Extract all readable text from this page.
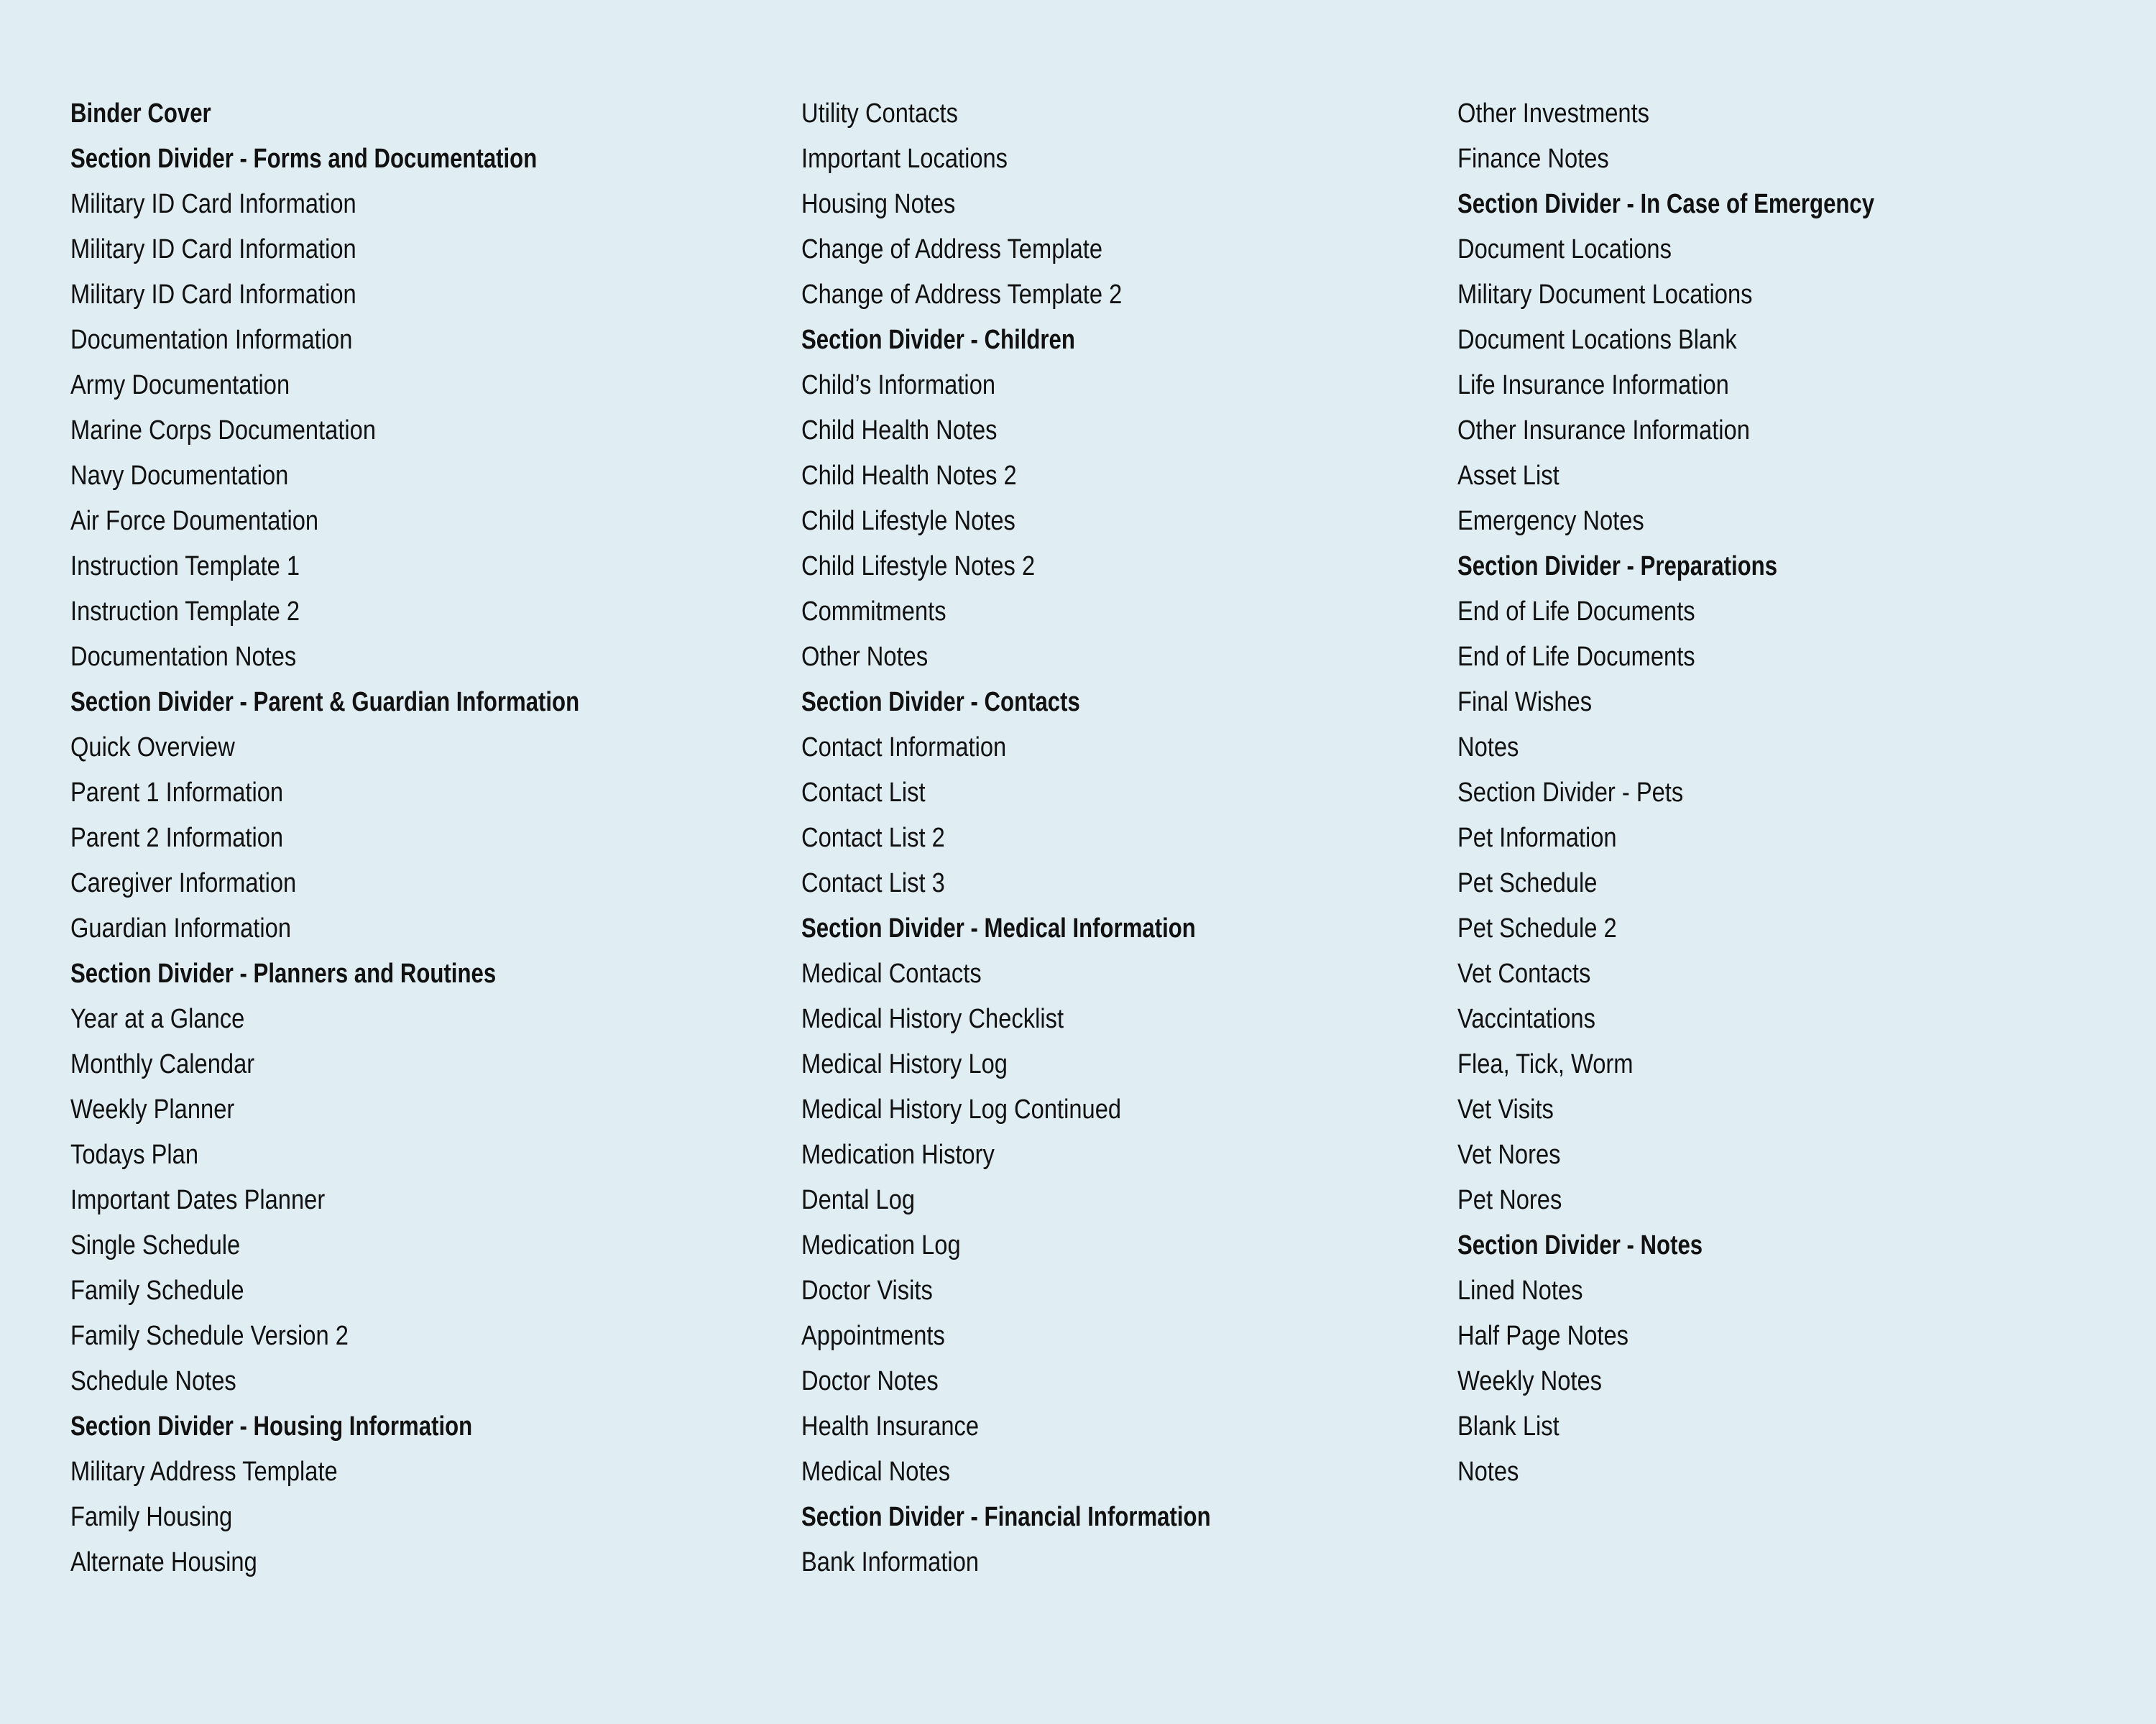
Binder Cover
Section Divider - Forms and Documentation
Military ID Card Information
Military ID Card Information
Military ID Card Information
Documentation Information
Army Documentation
Marine Corps Documentation
Navy Documentation
Air Force Doumentation
Instruction Template 1
Instruction Template 2
Documentation Notes
Section Divider - Parent & Guardian Information
Quick Overview
Parent 1 Information
Parent 2 Information
Caregiver Information
Guardian Information
Section Divider - Planners and Routines
Year at a Glance
Monthly Calendar
Weekly Planner
Todays Plan
Important Dates Planner
Single Schedule
Family Schedule
Family Schedule Version 2
Schedule Notes
Section Divider - Housing Information
Military Address Template
Family Housing
Alternate Housing
Utility Contacts
Important Locations
Housing Notes
Change of Address Template
Change of Address Template 2
Section Divider - Children
Child’s Information
Child Health Notes
Child Health Notes 2
Child Lifestyle Notes
Child Lifestyle Notes 2
Commitments
Other Notes
Section Divider - Contacts
Contact Information
Contact List
Contact List 2
Contact List 3
Section Divider - Medical Information
Medical Contacts
Medical History Checklist
Medical History Log
Medical History Log Continued
Medication History
Dental Log
Medication Log
Doctor Visits
Appointments
Doctor Notes
Health Insurance
Medical Notes
Section Divider - Financial Information
Bank Information
Other Investments
Finance Notes
Section Divider - In Case of Emergency
Document Locations
Military Document Locations
Document Locations Blank
Life Insurance Information
Other Insurance Information
Asset List
Emergency Notes
Section Divider - Preparations
End of Life Documents
End of Life Documents
Final Wishes
Notes
Section Divider - Pets
Pet Information
Pet Schedule
Pet Schedule 2
Vet Contacts
Vaccintations
Flea, Tick, Worm
Vet Visits
Vet Nores
Pet Nores
Section Divider - Notes
Lined Notes
Half Page Notes
Weekly Notes
Blank List
Notes
